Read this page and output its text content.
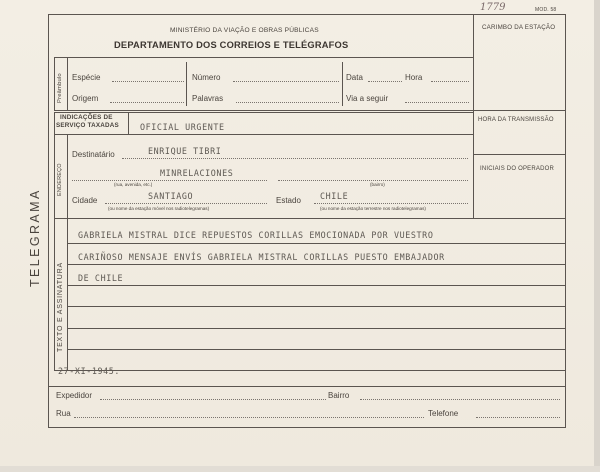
1779	MOD. 58
MINISTÉRIO DA VIAÇÃO E OBRAS PÚBLICAS
DEPARTAMENTO DOS CORREIOS E TELÉGRAFOS
CARIMBO DA ESTAÇÃO
Preâmbulo Espécie	Número	Data	Hora
Origem	Palavras	Via a seguir
INDICAÇÕES DE
SERVIÇO TAXADAS	OFICIAL URGENTE
HORA DA TRANSMISSÃO
INICIAIS DO OPERADOR
ENDEREÇO
Destinatário	ENRIQUE TIBRI
MINRELACIONES
(rua, avenida, etc.)	(bairro)
Cidade	SANTIAGO
(ou nome da estação móvel nos radiotelegramas)
Estado CHILE
(ou nome da estação terrestre nos radiotelegramas)
TELEGRAMA
TEXTO E ASSINATURA
GABRIELA MISTRAL DICE REPUESTOS CORILLAS EMOCIONADA POR VUESTRO
CARIÑOSO MENSAJE ENVÍS GABRIELA MISTRAL CORILLAS PUESTO EMBAJADOR
DE CHILE
27-XI-1945.
Expedidor	Bairro
Rua	Telefone
